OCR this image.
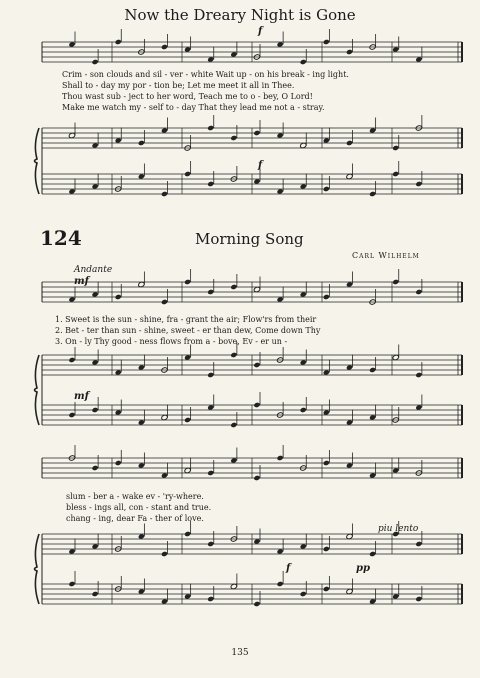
Now the Dreary Night is Gone
f
Crim - son clouds and sil - ver - white Wait up - on his break - ing light.
Shall to - day my por - tion be; Let me meet it all in Thee.
Thou wast sub - ject to her word, Teach me to o - bey, O Lord!
Make me watch my - self to - day That they lead me not a - stray.
f
124	Morning Song
Carl Wilhelm
Andante
mf
1. Sweet is the sun - shine, fra - grant the air; Flow'rs from their
2. Bet - ter than sun - shine, sweet - er than dew, Come down Thy
3. On - ly Thy good - ness flows from a - bove, Ev - er un -
mf
slum - ber a - wake ev - 'ry-where.
bless - ings all, con - stant and true.
chang - ing, dear Fa - ther of love.
piu lento
f	pp
135
